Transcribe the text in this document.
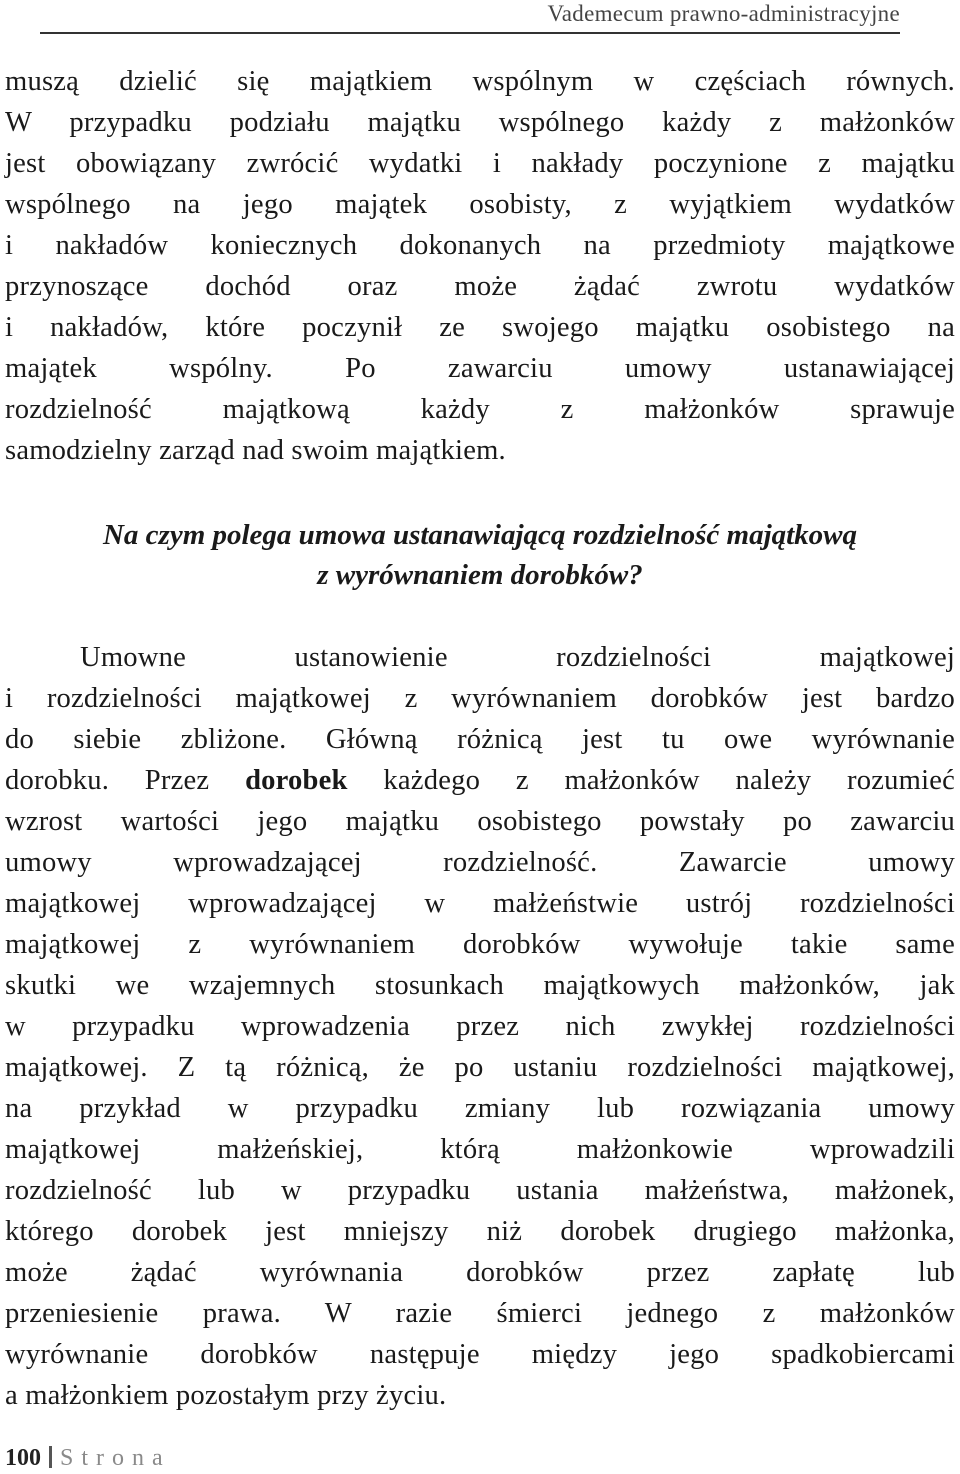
Vademecum prawno-administracyjne
muszą dzielić się majątkiem wspólnym w częściach równych.
W przypadku podziału majątku wspólnego każdy z małżonków
jest obowiązany zwrócić wydatki i nakłady poczynione z majątku
wspólnego na jego majątek osobisty, z wyjątkiem wydatków
i nakładów koniecznych dokonanych na przedmioty majątkowe
przynoszące dochód oraz może żądać zwrotu wydatków
i nakładów, które poczynił ze swojego majątku osobistego na
majątek wspólny. Po zawarciu umowy ustanawiającej
rozdzielność majątkową każdy z małżonków sprawuje
samodzielny zarząd nad swoim majątkiem.
Na czym polega umowa ustanawiającą rozdzielność majątkową
z wyrównaniem dorobków?
Umowne ustanowienie rozdzielności majątkowej
i rozdzielności majątkowej z wyrównaniem dorobków jest bardzo
do siebie zbliżone. Główną różnicą jest tu owe wyrównanie
dorobku. Przez dorobek każdego z małżonków należy rozumieć
wzrost wartości jego majątku osobistego powstały po zawarciu
umowy wprowadzającej rozdzielność. Zawarcie umowy
majątkowej wprowadzającej w małżeństwie ustrój rozdzielności
majątkowej z wyrównaniem dorobków wywołuje takie same
skutki we wzajemnych stosunkach majątkowych małżonków, jak
w przypadku wprowadzenia przez nich zwykłej rozdzielności
majątkowej. Z tą różnicą, że po ustaniu rozdzielności majątkowej,
na przykład w przypadku zmiany lub rozwiązania umowy
majątkowej małżeńskiej, którą małżonkowie wprowadzili
rozdzielność lub w przypadku ustania małżeństwa, małżonek,
którego dorobek jest mniejszy niż dorobek drugiego małżonka,
może żądać wyrównania dorobków przez zapłatę lub
przeniesienie prawa. W razie śmierci jednego z małżonków
wyrównanie dorobków następuje między jego spadkobiercami
a małżonkiem pozostałym przy życiu.
100 Strona
